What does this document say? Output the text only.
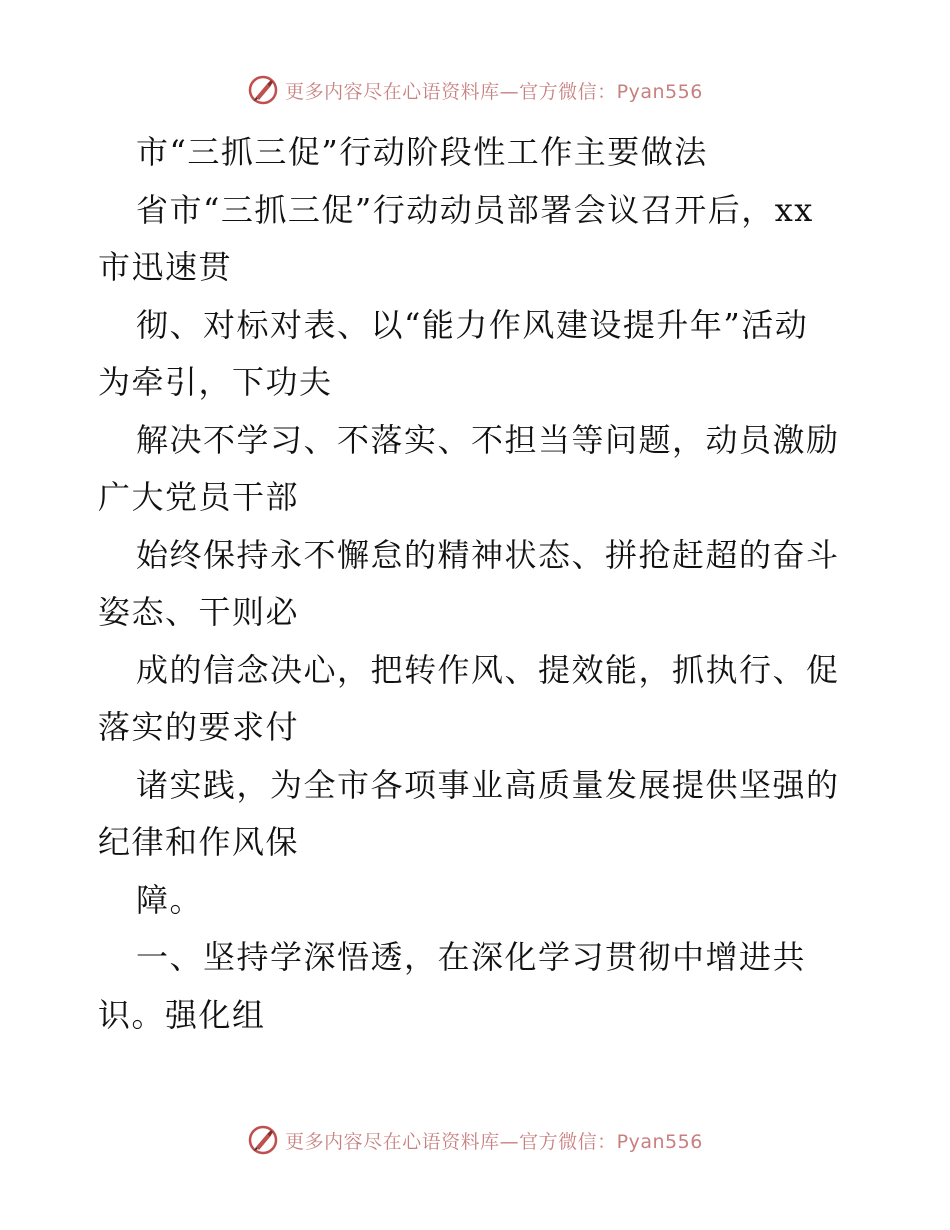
更多内容尽在心语资料库—官方微信：Pyan556

市“三抓三促”行动阶段性工作主要做法

省市“三抓三促”行动动员部署会议召开后，xx

市迅速贯

彻、对标对表、以“能力作风建设提升年”活动

为牵引，下功夫

解决不学习、不落实、不担当等问题，动员激励

广大党员干部

始终保持永不懈怠的精神状态、拼抢赶超的奋斗

姿态、干则必

成的信念决心，把转作风、提效能，抓执行、促

落实的要求付

诸实践，为全市各项事业高质量发展提供坚强的

纪律和作风保

障。

一、坚持学深悟透，在深化学习贯彻中增进共

识。强化组

更多内容尽在心语资料库—官方微信：Pyan556
